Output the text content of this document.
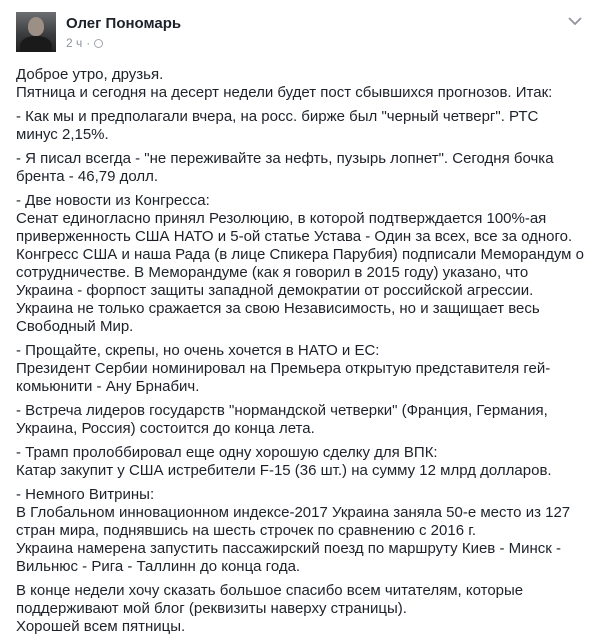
Олег Пономарь
2 ч ·

Доброе утро, друзья.

Пятница и сегодня на десерт недели будет пост сбывшихся прогнозов. Итак:

- Как мы и предполагали вчера, на росс. бирже был "черный четверг". РТС минус 2,15%.

- Я писал всегда - "не переживайте за нефть, пузырь лопнет". Сегодня бочка брента - 46,79 долл.

- Две новости из Конгресса:

Сенат единогласно принял Резолюцию, в которой подтверждается 100%-ая приверженность США НАТО и 5-ой статье Устава - Один за всех, все за одного.

Конгресс США и наша Рада (в лице Спикера Парубия) подписали Меморандум о сотрудничестве. В Меморандуме (как я говорил в 2015 году) указано, что Украина - форпост защиты западной демократии от российской агрессии. Украина не только сражается за свою Независимость, но и защищает весь Свободный Мир.

- Прощайте, скрепы, но очень хочется в НАТО и ЕС:

Президент Сербии номинировал на Премьера открытую представителя гей-комьюнити - Ану Брнабич.

- Встреча лидеров государств "нормандской четверки" (Франция, Германия, Украина, Россия) состоится до конца лета.

- Трамп пролоббировал еще одну хорошую сделку для ВПК:

Катар закупит у США истребители F-15 (36 шт.) на сумму 12 млрд долларов.

- Немного Витрины:

В Глобальном инновационном индексе-2017 Украина заняла 50-е место из 127 стран мира, поднявшись на шесть строчек по сравнению с 2016 г.

Украина намерена запустить пассажирский поезд по маршруту Киев - Минск - Вильнюс - Рига - Таллинн до конца года.

В конце недели хочу сказать большое спасибо всем читателям, которые поддерживают мой блог (реквизиты наверху страницы).

Хорошей всем пятницы.
